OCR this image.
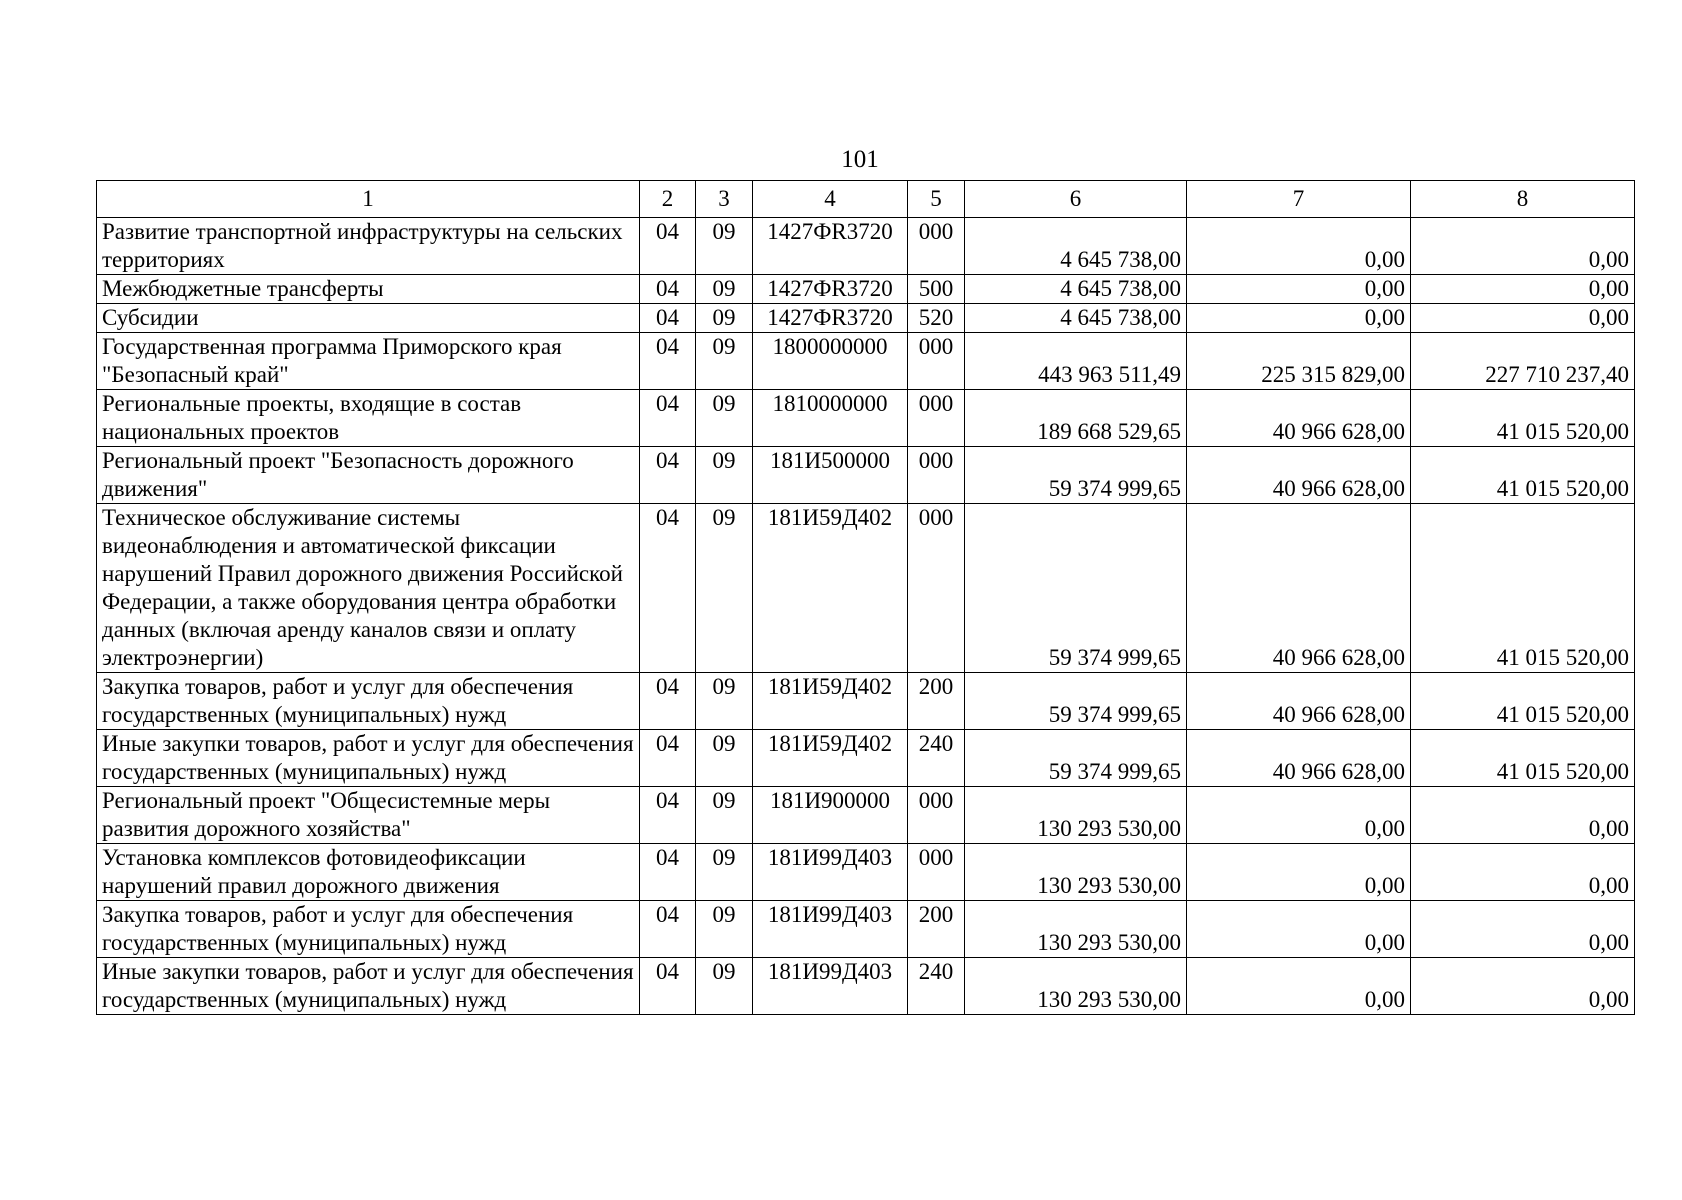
101
1	2	3	4	5	6	7	8
Развитие транспортной инфраструктуры на сельских территориях	04	09	1427ФR3720	000	4 645 738,00	0,00	0,00
Межбюджетные трансферты	04	09	1427ФR3720	500	4 645 738,00	0,00	0,00
Субсидии	04	09	1427ФR3720	520	4 645 738,00	0,00	0,00
Государственная программа Приморского края "Безопасный край"	04	09	1800000000	000	443 963 511,49	225 315 829,00	227 710 237,40
Региональные проекты, входящие в состав национальных проектов	04	09	1810000000	000	189 668 529,65	40 966 628,00	41 015 520,00
Региональный проект "Безопасность дорожного движения"	04	09	181И500000	000	59 374 999,65	40 966 628,00	41 015 520,00
Техническое обслуживание системы видеонаблюдения и автоматической фиксации нарушений Правил дорожного движения Российской Федерации, а также оборудования центра обработки данных (включая аренду каналов связи и оплату электроэнергии)	04	09	181И59Д402	000	59 374 999,65	40 966 628,00	41 015 520,00
Закупка товаров, работ и услуг для обеспечения государственных (муниципальных) нужд	04	09	181И59Д402	200	59 374 999,65	40 966 628,00	41 015 520,00
Иные закупки товаров, работ и услуг для обеспечения государственных (муниципальных) нужд	04	09	181И59Д402	240	59 374 999,65	40 966 628,00	41 015 520,00
Региональный проект "Общесистемные меры развития дорожного хозяйства"	04	09	181И900000	000	130 293 530,00	0,00	0,00
Установка комплексов фотовидеофиксации нарушений правил дорожного движения	04	09	181И99Д403	000	130 293 530,00	0,00	0,00
Закупка товаров, работ и услуг для обеспечения государственных (муниципальных) нужд	04	09	181И99Д403	200	130 293 530,00	0,00	0,00
Иные закупки товаров, работ и услуг для обеспечения государственных (муниципальных) нужд	04	09	181И99Д403	240	130 293 530,00	0,00	0,00
